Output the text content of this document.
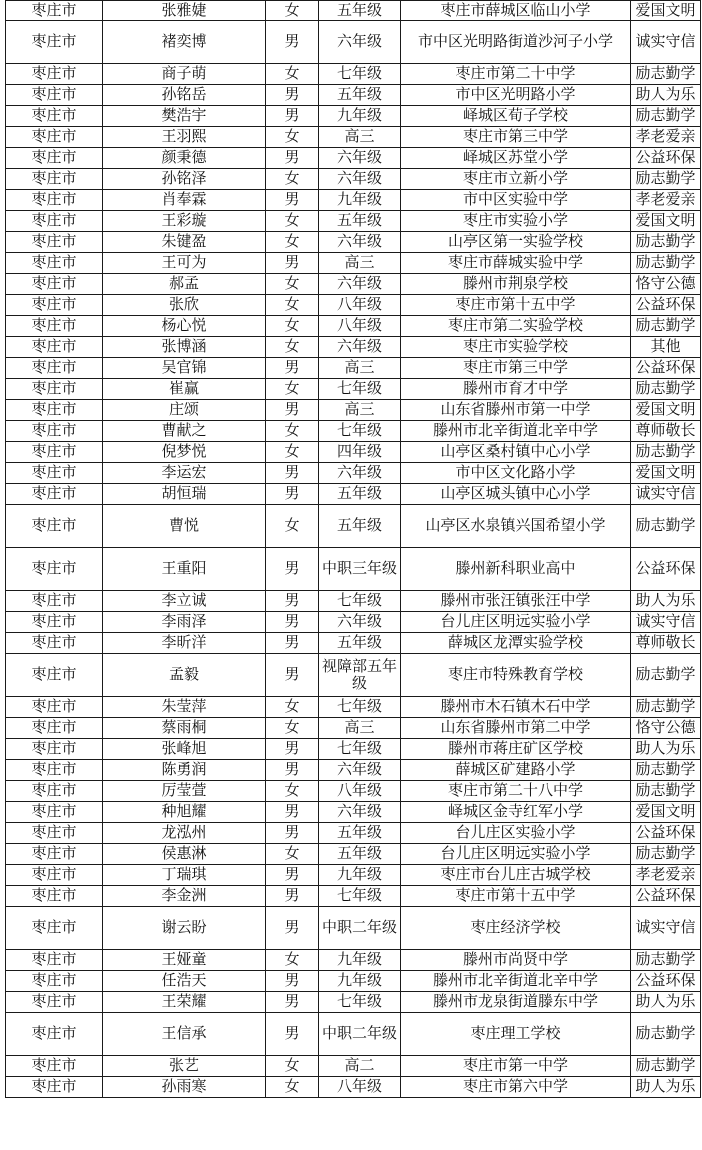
枣庄市	张雅婕	女	五年级	枣庄市薛城区临山小学	爱国文明
枣庄市	褚奕博	男	六年级	市中区光明路街道沙河子小学	诚实守信
枣庄市	商子萌	女	七年级	枣庄市第二十中学	励志勤学
枣庄市	孙铭岳	男	五年级	市中区光明路小学	助人为乐
枣庄市	樊浩宇	男	九年级	峄城区荀子学校	励志勤学
枣庄市	王羽熙	女	高三	枣庄市第三中学	孝老爱亲
枣庄市	颜秉德	男	六年级	峄城区苏堂小学	公益环保
枣庄市	孙铭泽	女	六年级	枣庄市立新小学	励志勤学
枣庄市	肖奉霖	男	九年级	市中区实验中学	孝老爱亲
枣庄市	王彩璇	女	五年级	枣庄市实验小学	爱国文明
枣庄市	朱键盈	女	六年级	山亭区第一实验学校	励志勤学
枣庄市	王可为	男	高三	枣庄市薛城实验中学	励志勤学
枣庄市	郝孟	女	六年级	滕州市荆泉学校	恪守公德
枣庄市	张欣	女	八年级	枣庄市第十五中学	公益环保
枣庄市	杨心悦	女	八年级	枣庄市第二实验学校	励志勤学
枣庄市	张博涵	女	六年级	枣庄市实验学校	其他
枣庄市	吴官锦	男	高三	枣庄市第三中学	公益环保
枣庄市	崔赢	女	七年级	滕州市育才中学	励志勤学
枣庄市	庄颂	男	高三	山东省滕州市第一中学	爱国文明
枣庄市	曹献之	女	七年级	滕州市北辛街道北辛中学	尊师敬长
枣庄市	倪梦悦	女	四年级	山亭区桑村镇中心小学	励志勤学
枣庄市	李运宏	男	六年级	市中区文化路小学	爱国文明
枣庄市	胡恒瑞	男	五年级	山亭区城头镇中心小学	诚实守信
枣庄市	曹悦	女	五年级	山亭区水泉镇兴国希望小学	励志勤学
枣庄市	王重阳	男	中职三年级	滕州新科职业高中	公益环保
枣庄市	李立诚	男	七年级	滕州市张汪镇张汪中学	助人为乐
枣庄市	李雨泽	男	六年级	台儿庄区明远实验小学	诚实守信
枣庄市	李昕洋	男	五年级	薛城区龙潭实验学校	尊师敬长
枣庄市	孟毅	男	视障部五年级	枣庄市特殊教育学校	励志勤学
枣庄市	朱莹萍	女	七年级	滕州市木石镇木石中学	励志勤学
枣庄市	蔡雨桐	女	高三	山东省滕州市第二中学	恪守公德
枣庄市	张峰旭	男	七年级	滕州市蒋庄矿区学校	助人为乐
枣庄市	陈勇润	男	六年级	薛城区矿建路小学	励志勤学
枣庄市	厉莹萱	女	八年级	枣庄市第二十八中学	励志勤学
枣庄市	种旭耀	男	六年级	峄城区金寺红军小学	爱国文明
枣庄市	龙泓州	男	五年级	台儿庄区实验小学	公益环保
枣庄市	侯惠淋	女	五年级	台儿庄区明远实验小学	励志勤学
枣庄市	丁瑞琪	男	九年级	枣庄市台儿庄古城学校	孝老爱亲
枣庄市	李金洲	男	七年级	枣庄市第十五中学	公益环保
枣庄市	谢云盼	男	中职二年级	枣庄经济学校	诚实守信
枣庄市	王娅童	女	九年级	滕州市尚贤中学	励志勤学
枣庄市	任浩天	男	九年级	滕州市北辛街道北辛中学	公益环保
枣庄市	王荣耀	男	七年级	滕州市龙泉街道滕东中学	助人为乐
枣庄市	王信承	男	中职二年级	枣庄理工学校	励志勤学
枣庄市	张艺	女	高二	枣庄市第一中学	励志勤学
枣庄市	孙雨寒	女	八年级	枣庄市第六中学	助人为乐
